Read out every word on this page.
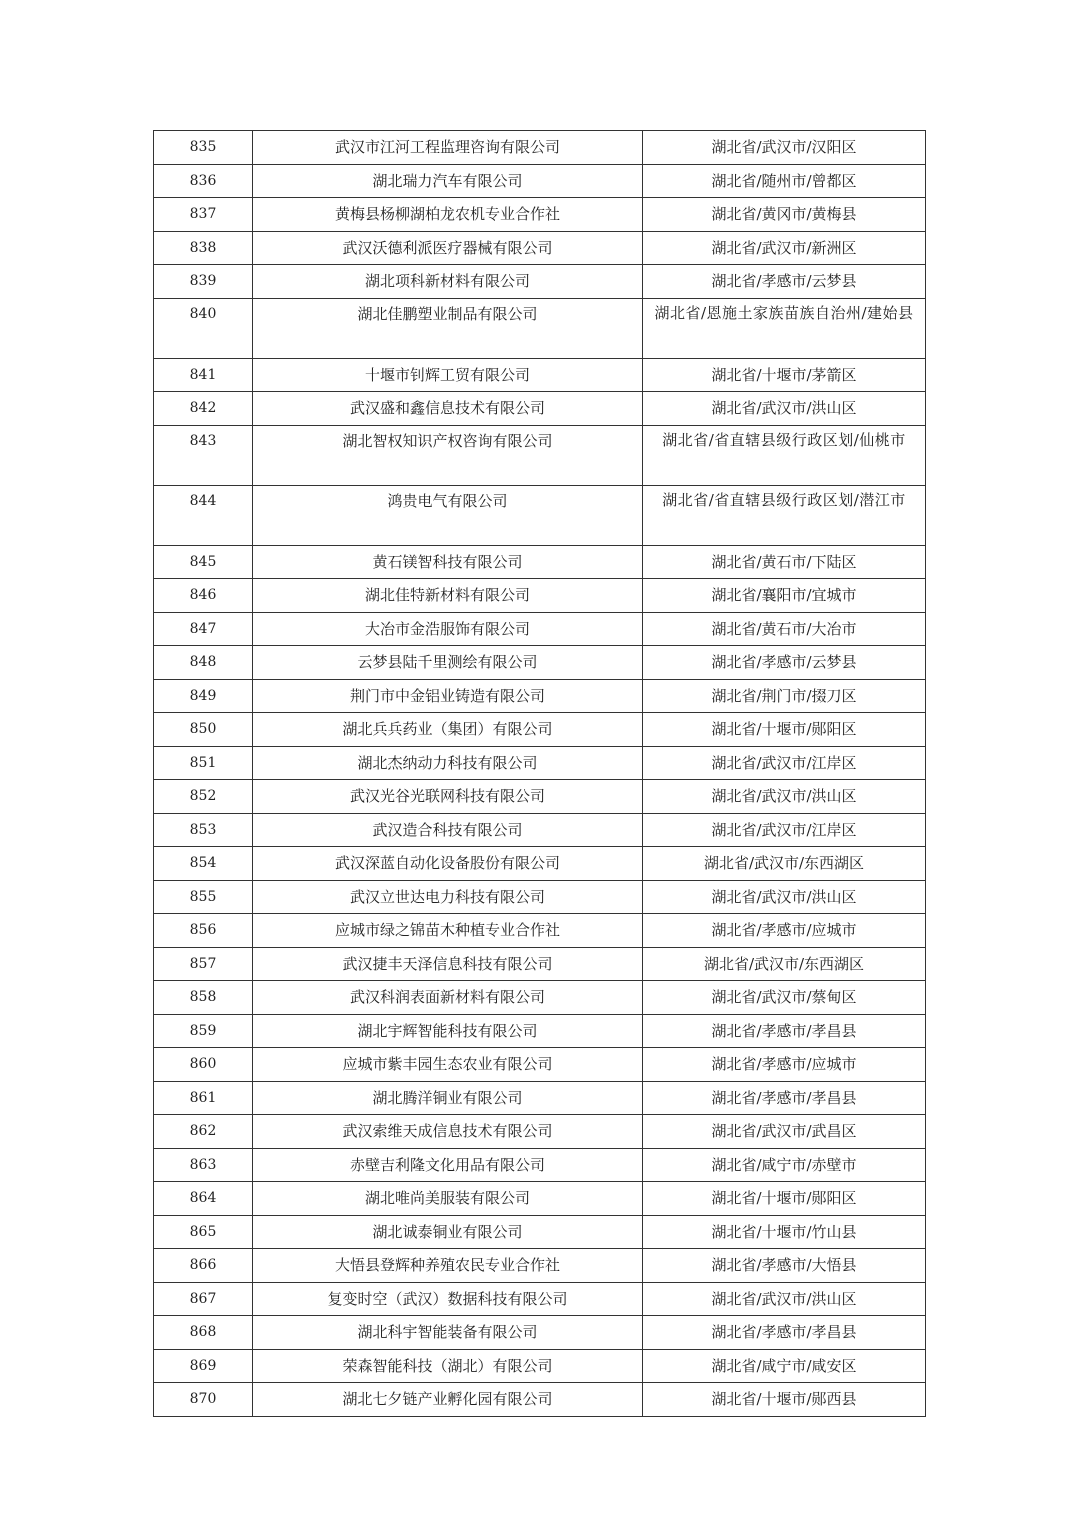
835	武汉市江河工程监理咨询有限公司	湖北省/武汉市/汉阳区
836	湖北瑞力汽车有限公司	湖北省/随州市/曾都区
837	黄梅县杨柳湖柏龙农机专业合作社	湖北省/黄冈市/黄梅县
838	武汉沃德利派医疗器械有限公司	湖北省/武汉市/新洲区
839	湖北项科新材料有限公司	湖北省/孝感市/云梦县
840	湖北佳鹏塑业制品有限公司	湖北省/恩施土家族苗族自治州/建始县
841	十堰市钊辉工贸有限公司	湖北省/十堰市/茅箭区
842	武汉盛和鑫信息技术有限公司	湖北省/武汉市/洪山区
843	湖北智权知识产权咨询有限公司	湖北省/省直辖县级行政区划/仙桃市
844	鸿贵电气有限公司	湖北省/省直辖县级行政区划/潜江市
845	黄石镁智科技有限公司	湖北省/黄石市/下陆区
846	湖北佳特新材料有限公司	湖北省/襄阳市/宜城市
847	大冶市金浩服饰有限公司	湖北省/黄石市/大冶市
848	云梦县陆千里测绘有限公司	湖北省/孝感市/云梦县
849	荆门市中金铝业铸造有限公司	湖北省/荆门市/掇刀区
850	湖北兵兵药业（集团）有限公司	湖北省/十堰市/郧阳区
851	湖北杰纳动力科技有限公司	湖北省/武汉市/江岸区
852	武汉光谷光联网科技有限公司	湖北省/武汉市/洪山区
853	武汉造合科技有限公司	湖北省/武汉市/江岸区
854	武汉深蓝自动化设备股份有限公司	湖北省/武汉市/东西湖区
855	武汉立世达电力科技有限公司	湖北省/武汉市/洪山区
856	应城市绿之锦苗木种植专业合作社	湖北省/孝感市/应城市
857	武汉捷丰天泽信息科技有限公司	湖北省/武汉市/东西湖区
858	武汉科润表面新材料有限公司	湖北省/武汉市/蔡甸区
859	湖北宇辉智能科技有限公司	湖北省/孝感市/孝昌县
860	应城市紫丰园生态农业有限公司	湖北省/孝感市/应城市
861	湖北腾洋铜业有限公司	湖北省/孝感市/孝昌县
862	武汉索维天成信息技术有限公司	湖北省/武汉市/武昌区
863	赤壁吉利隆文化用品有限公司	湖北省/咸宁市/赤壁市
864	湖北唯尚美服装有限公司	湖北省/十堰市/郧阳区
865	湖北诚泰铜业有限公司	湖北省/十堰市/竹山县
866	大悟县登辉种养殖农民专业合作社	湖北省/孝感市/大悟县
867	复变时空（武汉）数据科技有限公司	湖北省/武汉市/洪山区
868	湖北科宇智能装备有限公司	湖北省/孝感市/孝昌县
869	荣森智能科技（湖北）有限公司	湖北省/咸宁市/咸安区
870	湖北七夕链产业孵化园有限公司	湖北省/十堰市/郧西县
